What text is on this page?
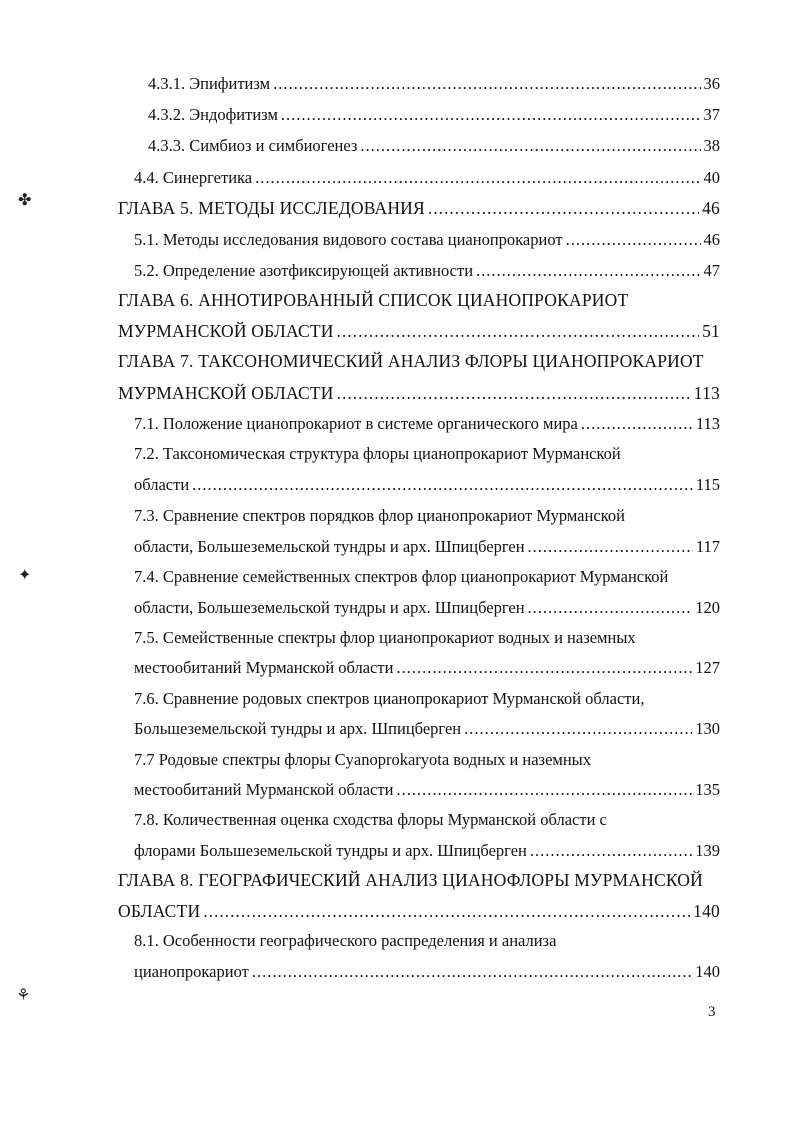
✤
✦
⚘
4.3.1. Эпифитизм .....	36
4.3.2. Эндофитизм .....	37
4.3.3. Симбиоз и симбиогенез .....	38
4.4. Синергетика .....	40
ГЛАВА 5. МЕТОДЫ ИССЛЕДОВАНИЯ .....	46
5.1. Методы исследования видового состава цианопрокариот .....	46
5.2. Определение азотфиксирующей активности .....	47
ГЛАВА 6. АННОТИРОВАННЫЙ СПИСОК ЦИАНОПРОКАРИОТ
МУРМАНСКОЙ ОБЛАСТИ .....	51
ГЛАВА 7. ТАКСОНОМИЧЕСКИЙ АНАЛИЗ ФЛОРЫ ЦИАНОПРОКАРИОТ
МУРМАНСКОЙ ОБЛАСТИ .....	113
7.1. Положение цианопрокариот в системе органического мира .....	113
7.2. Таксономическая структура флоры цианопрокариот Мурманской
области .....	115
7.3. Сравнение спектров порядков флор цианопрокариот Мурманской
области, Большеземельской тундры и арх. Шпицберген .....	117
7.4. Сравнение семейственных спектров флор цианопрокариот Мурманской
области, Большеземельской тундры и арх. Шпицберген .....	120
7.5. Семейственные спектры флор цианопрокариот водных и наземных
местообитаний Мурманской области .....	127
7.6. Сравнение родовых спектров цианопрокариот Мурманской области,
Большеземельской тундры и арх. Шпицберген .....	130
7.7 Родовые спектры флоры Cyanoprokaryota водных и наземных
местообитаний Мурманской области .....	135
7.8. Количественная оценка сходства флоры Мурманской области с
флорами Большеземельской тундры и арх. Шпицберген .....	139
ГЛАВА 8. ГЕОГРАФИЧЕСКИЙ АНАЛИЗ ЦИАНОФЛОРЫ МУРМАНСКОЙ
ОБЛАСТИ .....	140
8.1. Особенности географического распределения и анализа
цианопрокариот .....	140
3
